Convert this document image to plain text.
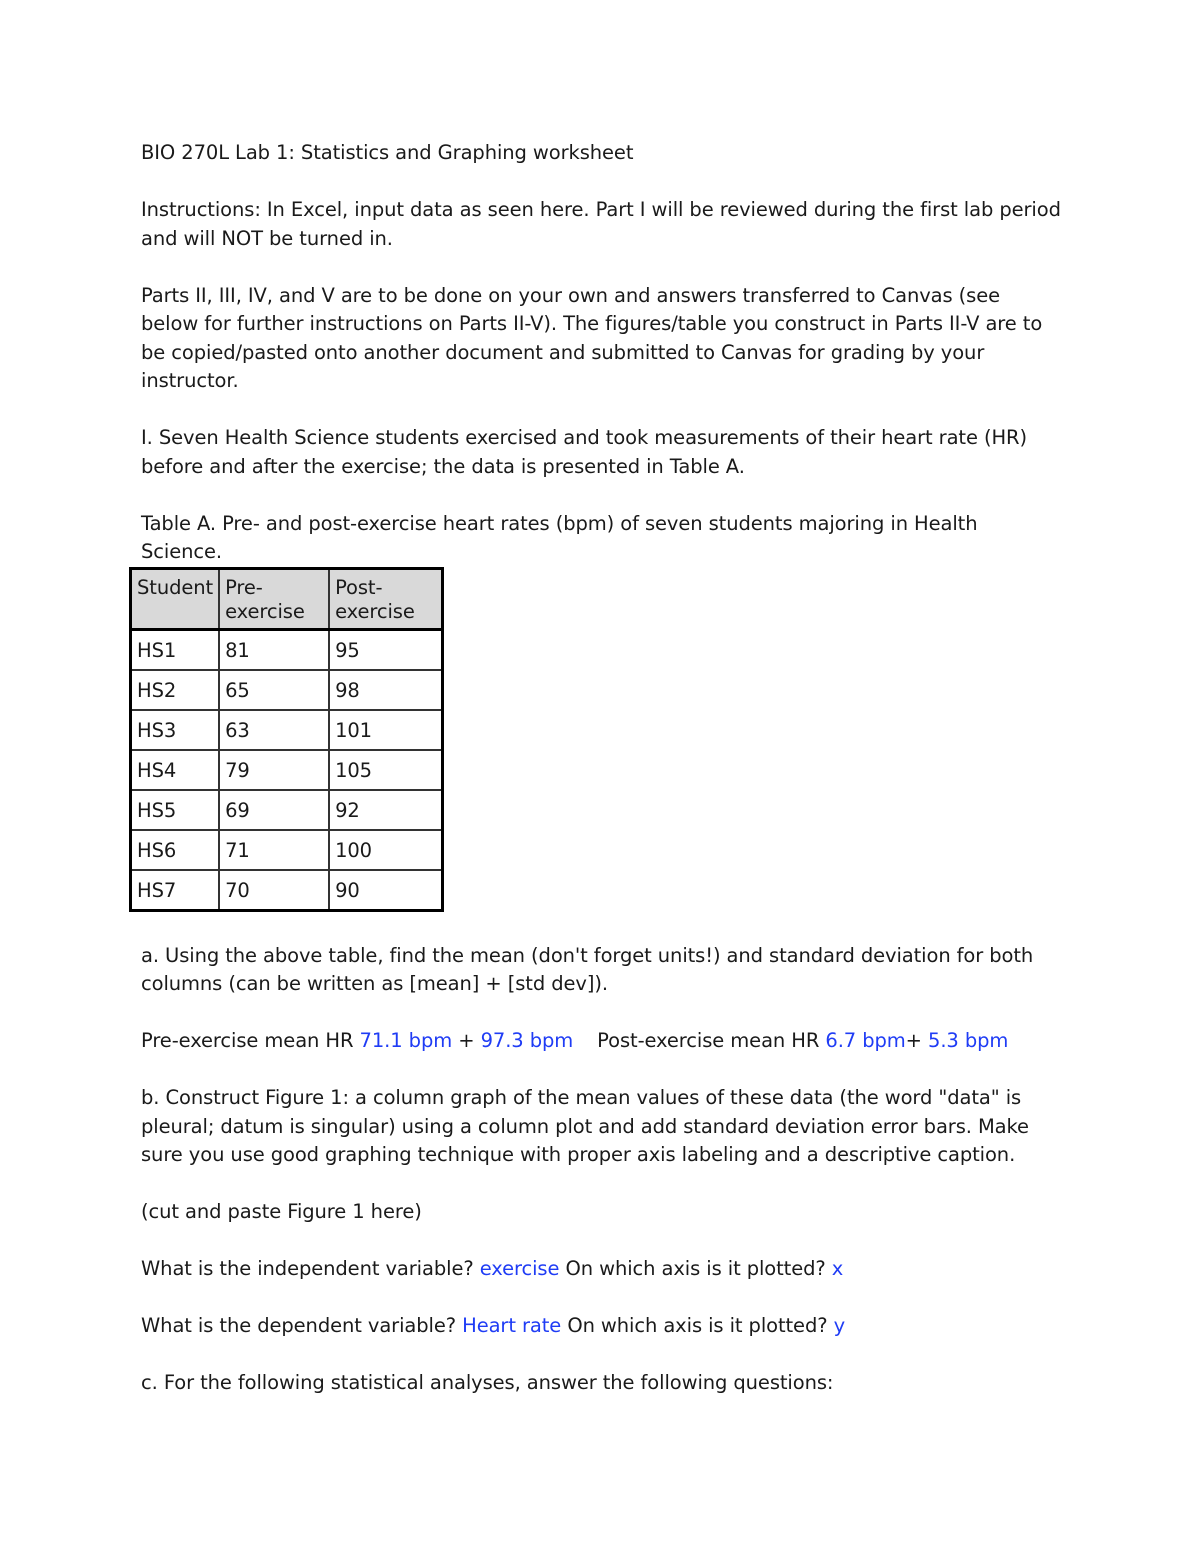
BIO 270L Lab 1: Statistics and Graphing worksheet

Instructions: In Excel, input data as seen here. Part I will be reviewed during the first lab period and will NOT be turned in.

Parts II, III, IV, and V are to be done on your own and answers transferred to Canvas (see below for further instructions on Parts II-V). The figures/table you construct in Parts II-V are to be copied/pasted onto another document and submitted to Canvas for grading by your instructor.

I. Seven Health Science students exercised and took measurements of their heart rate (HR) before and after the exercise; the data is presented in Table A.

Table A. Pre- and post-exercise heart rates (bpm) of seven students majoring in Health Science.

Student	Pre-exercise	Post-exercise
HS1	81	95
HS2	65	98
HS3	63	101
HS4	79	105
HS5	69	92
HS6	71	100
HS7	70	90

a. Using the above table, find the mean (don't forget units!) and standard deviation for both columns (can be written as [mean] + [std dev]).

Pre-exercise mean HR 71.1 bpm + 97.3 bpm Post-exercise mean HR 6.7 bpm+ 5.3 bpm

b. Construct Figure 1: a column graph of the mean values of these data (the word "data" is pleural; datum is singular) using a column plot and add standard deviation error bars. Make sure you use good graphing technique with proper axis labeling and a descriptive caption.

(cut and paste Figure 1 here)

What is the independent variable? exercise On which axis is it plotted? x

What is the dependent variable? Heart rate On which axis is it plotted? y

c. For the following statistical analyses, answer the following questions:
